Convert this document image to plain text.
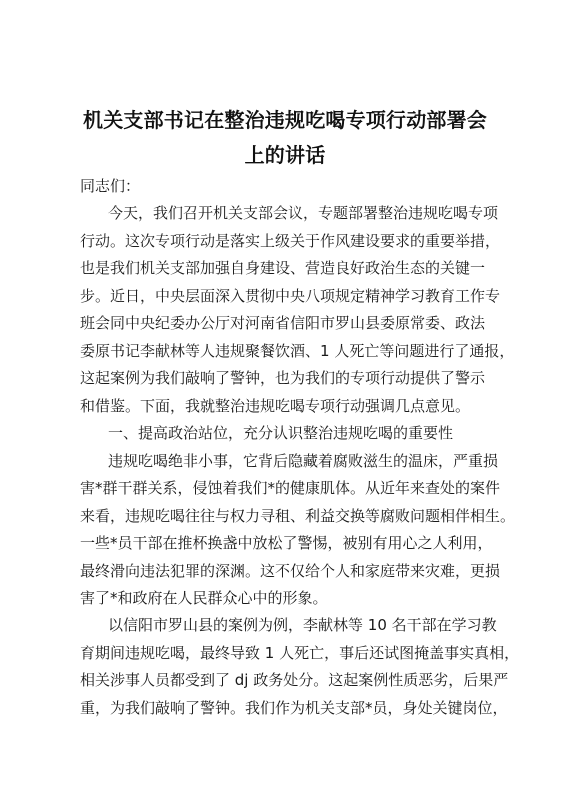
机关支部书记在整治违规吃喝专项行动部署会
上的讲话
同志们：
今天，我们召开机关支部会议，专题部署整治违规吃喝专项
行动。这次专项行动是落实上级关于作风建设要求的重要举措，
也是我们机关支部加强自身建设、营造良好政治生态的关键一
步。近日，中央层面深入贯彻中央八项规定精神学习教育工作专
班会同中央纪委办公厅对河南省信阳市罗山县委原常委、政法
委原书记李献林等人违规聚餐饮酒、1 人死亡等问题进行了通报，
这起案例为我们敲响了警钟，也为我们的专项行动提供了警示
和借鉴。下面，我就整治违规吃喝专项行动强调几点意见。
一、提高政治站位，充分认识整治违规吃喝的重要性
违规吃喝绝非小事，它背后隐藏着腐败滋生的温床，严重损
害*群干群关系，侵蚀着我们*的健康肌体。从近年来查处的案件
来看，违规吃喝往往与权力寻租、利益交换等腐败问题相伴相生。
一些*员干部在推杯换盏中放松了警惕，被别有用心之人利用，
最终滑向违法犯罪的深渊。这不仅给个人和家庭带来灾难，更损
害了*和政府在人民群众心中的形象。
以信阳市罗山县的案例为例，李献林等 10 名干部在学习教
育期间违规吃喝，最终导致 1 人死亡，事后还试图掩盖事实真相，
相关涉事人员都受到了 dj 政务处分。这起案例性质恶劣，后果严
重，为我们敲响了警钟。我们作为机关支部*员，身处关键岗位，
